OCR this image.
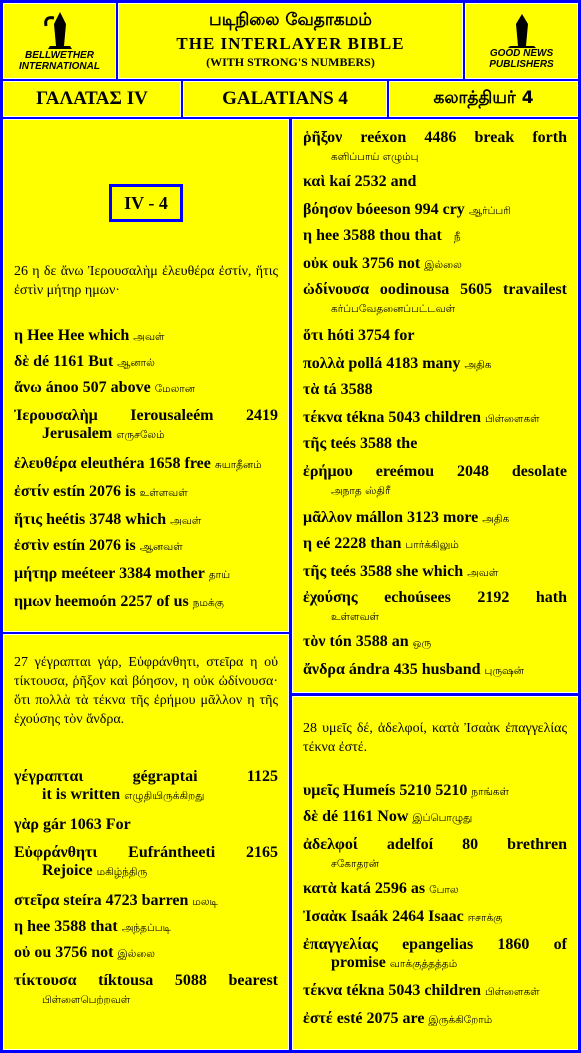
BELLWETHER INTERNATIONAL
படிநிலை வேதாகமம்
THE INTERLAYER BIBLE
(WITH STRONG'S NUMBERS)
GOOD NEWS PUBLISHERS
ΓΑΛΑΤΑΣ IV	GALATIANS 4	கலாத்தியர் 4
IV - 4
26 η δε ἄνω Ἰερουσαλὴμ ἐλευθέρα ἐστίν, ἥτις ἐστὶν μήτηρ ημων·
η Hee Hee which அவள்
δὲ dé 1161 But ஆனால்
ἄνω ánoo 507 above மேலான
Ἰερουσαλὴμ Ierousaleém 2419
Jerusalem எருசலேம்
ἐλευθέρα eleuthéra 1658 free சுயாதீனம்
ἐστίν estín 2076 is உள்ளவள்
ἥτις heétis 3748 which அவள்
ἐστὶν estín 2076 is ஆனவள்
μήτηρ meéteer 3384 mother தாய்
ημων heemoón 2257 of us நமக்கு
27 γέγραπται γάρ, Εὐφράνθητι, στεῖρα η οὐ τίκτουσα, ῥῆξον καὶ βόησον, η οὐκ ὠδίνουσα· ὅτι πολλὰ τὰ τέκνα τῆς ἐρήμου μᾶλλον η τῆς ἐχούσης τὸν ἄνδρα.
γέγραπται	gégraptai 1125
it is written எழுதியிருக்கிறது
γὰρ gár 1063 For
Εὐφράνθητι Eufrántheeti 2165
Rejoice மகிழ்ந்திரு
στεῖρα steíra 4723 barren மலடி
η hee 3588 that அந்தப்படி
οὐ ou 3756 not இல்லை
τίκτουσα tíktousa 5088 bearest
பிள்ளைபெற்றவள்
ῥῆξον reéxon 4486 break forth
களிப்பாய் எழும்பு
καὶ kaí 2532 and
βόησον bóeeson 994 cry ஆர்ப்பரி
η hee 3588 thou that நீ
οὐκ ouk 3756 not இல்லை
ὠδίνουσα oodinousa 5605 travailest
கர்ப்பவேதனைப்பட்டவள்
ὅτι hóti 3754 for
πολλὰ pollá 4183 many அதிக
τὰ tá 3588
τέκνα tékna 5043 children பிள்ளைகள்
τῆς teés 3588 the
ἐρήμου ereémou 2048 desolate
அநாத ஸ்திரீ
μᾶλλον mállon 3123 more அதிக
η eé 2228 than பார்க்கிலும்
τῆς teés 3588 she which அவள்
ἐχούσης echoúsees 2192 hath
உள்ளவள்
τὸν tón 3588 an ஒரு
ἄνδρα ándra 435 husband புருஷன்
28 υμεῖς δέ, ἀδελφοί, κατὰ Ἰσαὰκ ἐπαγγελίας τέκνα ἐστέ.
υμεῖς Humeís 5210 5210 நாங்கள்
δὲ dé 1161 Now இப்பொழுது
ἀδελφοί adelfoí 80 brethren
சகோதரன்
κατὰ katá 2596 as போல
Ἰσαὰκ Isaák 2464 Isaac ஈசாக்கு
ἐπαγγελίας epangelias 1860 of
promise வாக்குத்தத்தம்
τέκνα tékna 5043 children பிள்ளைகள்
ἐστέ esté 2075 are இருக்கிறோம்
